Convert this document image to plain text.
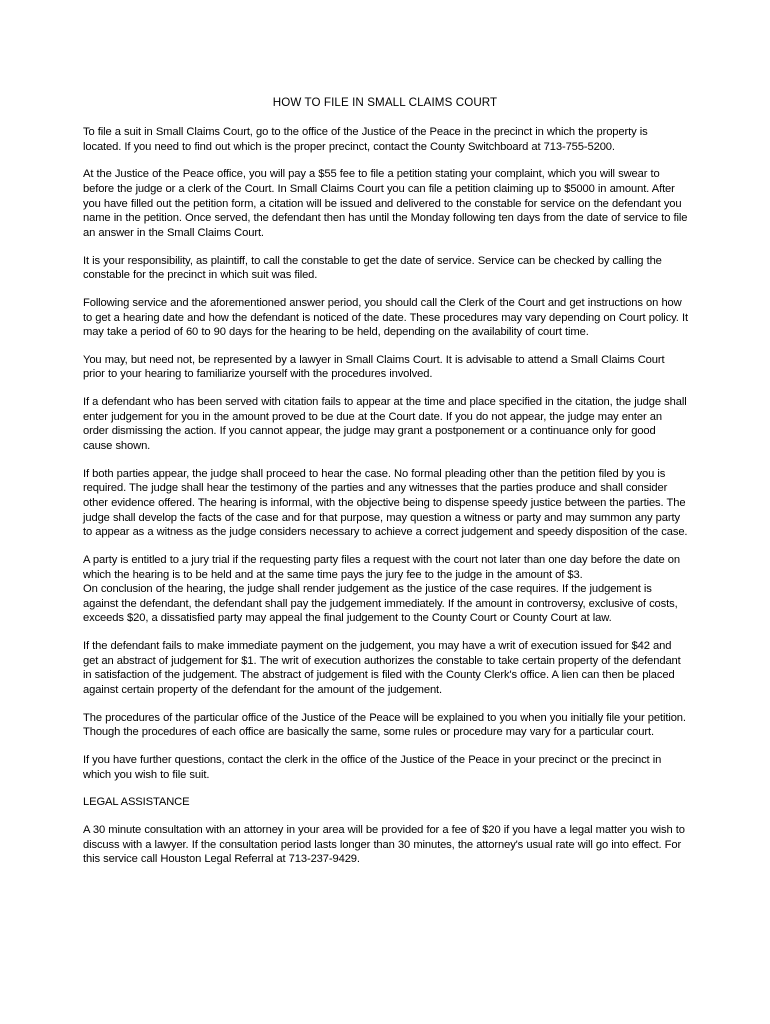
HOW TO FILE IN SMALL CLAIMS COURT

To file a suit in Small Claims Court, go to the office of the Justice of the Peace in the precinct in which the property is located. If you need to find out which is the proper precinct, contact the County Switchboard at 713-755-5200.

At the Justice of the Peace office, you will pay a $55 fee to file a petition stating your complaint, which you will swear to before the judge or a clerk of the Court. In Small Claims Court you can file a petition claiming up to $5000 in amount. After you have filled out the petition form, a citation will be issued and delivered to the constable for service on the defendant you name in the petition. Once served, the defendant then has until the Monday following ten days from the date of service to file an answer in the Small Claims Court.

It is your responsibility, as plaintiff, to call the constable to get the date of service. Service can be checked by calling the constable for the precinct in which suit was filed.

Following service and the aforementioned answer period, you should call the Clerk of the Court and get instructions on how to get a hearing date and how the defendant is noticed of the date. These procedures may vary depending on Court policy. It may take a period of 60 to 90 days for the hearing to be held, depending on the availability of court time.

You may, but need not, be represented by a lawyer in Small Claims Court. It is advisable to attend a Small Claims Court prior to your hearing to familiarize yourself with the procedures involved.

If a defendant who has been served with citation fails to appear at the time and place specified in the citation, the judge shall enter judgement for you in the amount proved to be due at the Court date. If you do not appear, the judge may enter an order dismissing the action. If you cannot appear, the judge may grant a postponement or a continuance only for good cause shown.

If both parties appear, the judge shall proceed to hear the case. No formal pleading other than the petition filed by you is required. The judge shall hear the testimony of the parties and any witnesses that the parties produce and shall consider other evidence offered. The hearing is informal, with the objective being to dispense speedy justice between the parties. The judge shall develop the facts of the case and for that purpose, may question a witness or party and may summon any party to appear as a witness as the judge considers necessary to achieve a correct judgement and speedy disposition of the case.

A party is entitled to a jury trial if the requesting party files a request with the court not later than one day before the date on which the hearing is to be held and at the same time pays the jury fee to the judge in the amount of $3.
On conclusion of the hearing, the judge shall render judgement as the justice of the case requires. If the judgement is against the defendant, the defendant shall pay the judgement immediately. If the amount in controversy, exclusive of costs, exceeds $20, a dissatisfied party may appeal the final judgement to the County Court or County Court at law.

If the defendant fails to make immediate payment on the judgement, you may have a writ of execution issued for $42 and get an abstract of judgement for $1. The writ of execution authorizes the constable to take certain property of the defendant in satisfaction of the judgement. The abstract of judgement is filed with the County Clerk's office. A lien can then be placed against certain property of the defendant for the amount of the judgement.

The procedures of the particular office of the Justice of the Peace will be explained to you when you initially file your petition. Though the procedures of each office are basically the same, some rules or procedure may vary for a particular court.

If you have further questions, contact the clerk in the office of the Justice of the Peace in your precinct or the precinct in which you wish to file suit.

LEGAL ASSISTANCE

A 30 minute consultation with an attorney in your area will be provided for a fee of $20 if you have a legal matter you wish to discuss with a lawyer. If the consultation period lasts longer than 30 minutes, the attorney's usual rate will go into effect. For this service call Houston Legal Referral at 713-237-9429.
